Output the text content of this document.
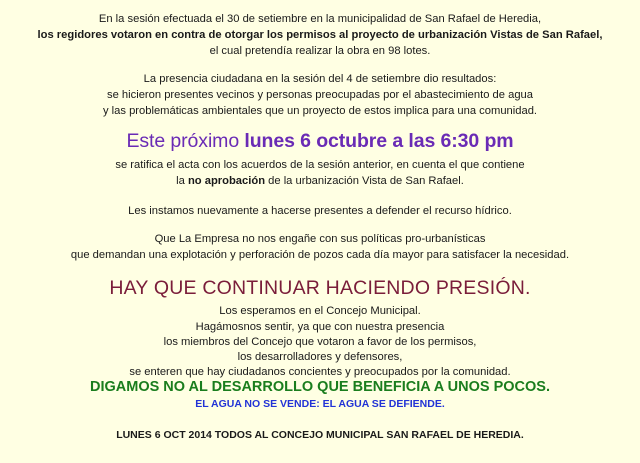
En la sesión efectuada el 30 de setiembre en la municipalidad de San Rafael de Heredia,
los regidores votaron en contra de otorgar los permisos al proyecto de urbanización Vistas de San Rafael,
el cual pretendía realizar la obra en 98 lotes.
La presencia ciudadana en la sesión del 4 de setiembre dio resultados:
se hicieron presentes vecinos y personas preocupadas por el abastecimiento de agua
y las problemáticas ambientales que un proyecto de estos implica para una comunidad.
Este próximo lunes 6 octubre a las 6:30 pm
se ratifica el acta con los acuerdos de la sesión anterior, en cuenta el que contiene
la no aprobación de la urbanización Vista de San Rafael.
Les instamos nuevamente a hacerse presentes a defender el recurso hídrico.
Que La Empresa no nos engañe con sus políticas pro-urbanísticas
que demandan una explotación y perforación de pozos cada día mayor para satisfacer la necesidad.
HAY QUE CONTINUAR HACIENDO PRESIÓN.
Los esperamos en el Concejo Municipal.
Hagámosnos sentir, ya que con nuestra presencia
los miembros del Concejo que votaron a favor de los permisos,
los desarrolladores y defensores,
se enteren que hay ciudadanos concientes y preocupados por la comunidad.
DIGAMOS NO AL DESARROLLO QUE BENEFICIA A UNOS POCOS.
EL AGUA NO SE VENDE: EL AGUA SE DEFIENDE.
LUNES 6 OCT 2014 TODOS AL CONCEJO MUNICIPAL SAN RAFAEL DE HEREDIA.
